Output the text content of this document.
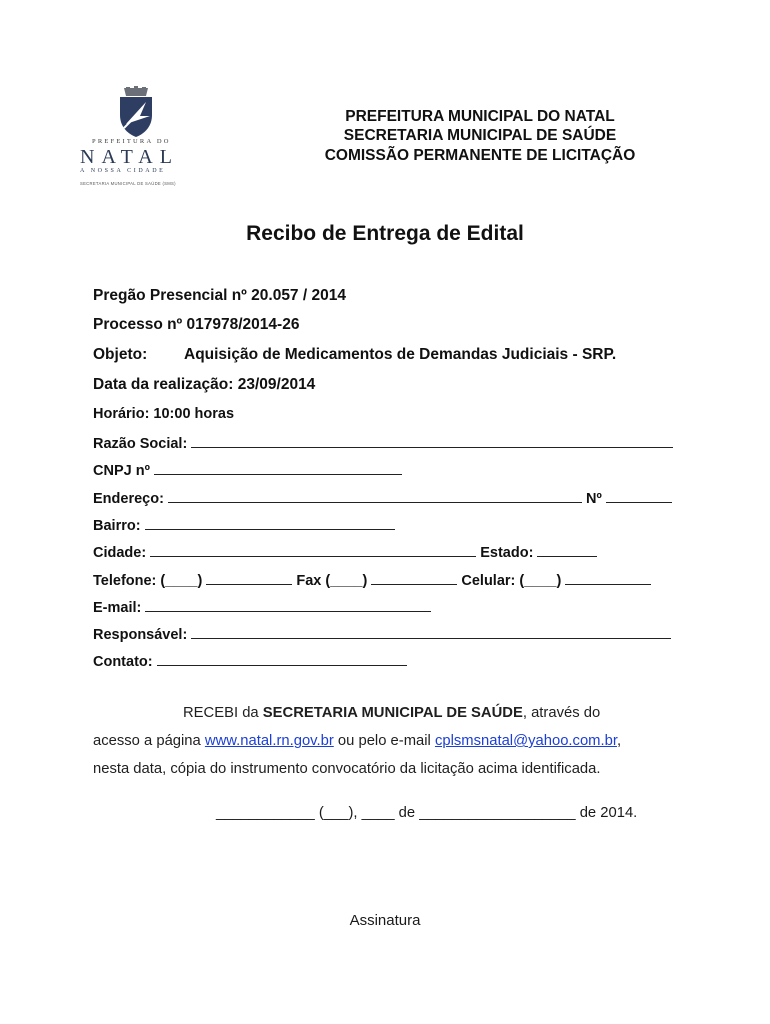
PREFEITURA DO
NATAL
A NOSSA CIDADE
SECRETARIA MUNICIPAL DE SAÚDE (SMS)
PREFEITURA MUNICIPAL DO NATAL
SECRETARIA MUNICIPAL DE SAÚDE
COMISSÃO PERMANENTE DE LICITAÇÃO
Recibo de Entrega de Edital
Pregão Presencial nº 20.057 / 2014
Processo nº 017978/2014-26
Objeto: Aquisição de Medicamentos de Demandas Judiciais - SRP.
Data da realização: 23/09/2014
Horário: 10:00 horas
Razão Social:
CNPJ nº
Endereço:	Nº
Bairro:
Cidade:	Estado:
Telefone: (____)	Fax (____)	Celular: (____)
E-mail:
Responsável:
Contato:
RECEBI da SECRETARIA MUNICIPAL DE SAÚDE, através do
acesso a página www.natal.rn.gov.br ou pelo e-mail cplsmsnatal@yahoo.com.br,
nesta data, cópia do instrumento convocatório da licitação acima identificada.
____________ (___), ____ de ___________________ de 2014.
Assinatura
